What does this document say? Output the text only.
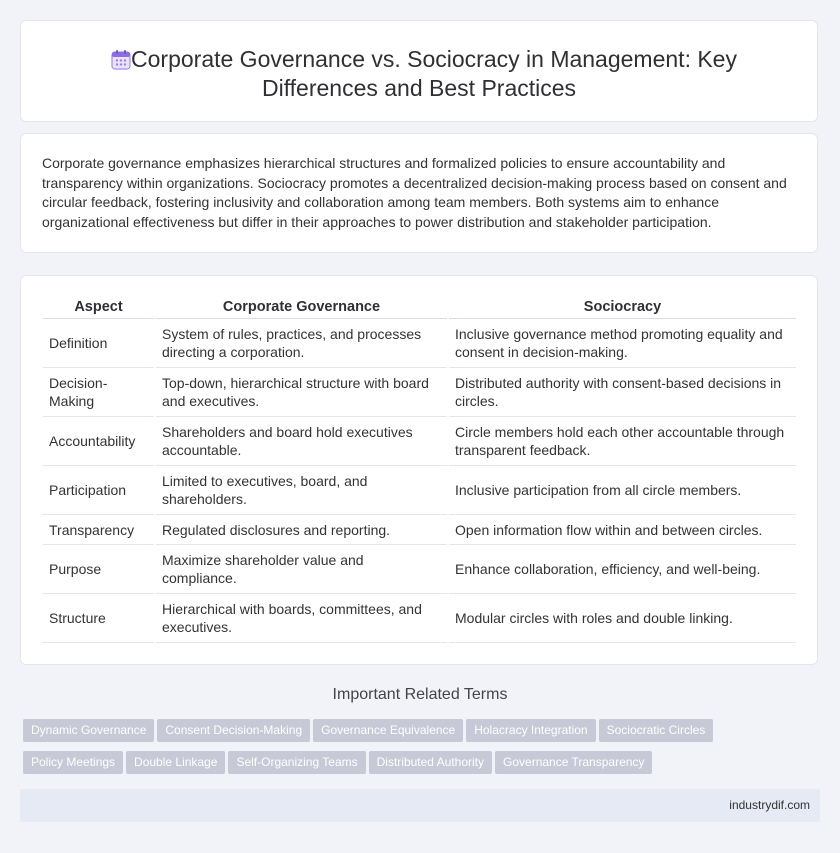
Corporate Governance vs. Sociocracy in Management: Key
Differences and Best Practices

Corporate governance emphasizes hierarchical structures and formalized policies to ensure accountability and transparency within organizations. Sociocracy promotes a decentralized decision-making process based on consent and circular feedback, fostering inclusivity and collaboration among team members. Both systems aim to enhance organizational effectiveness but differ in their approaches to power distribution and stakeholder participation.

Aspect	Corporate Governance	Sociocracy
Definition	System of rules, practices, and processes directing a corporation.	Inclusive governance method promoting equality and consent in decision-making.
Decision-Making	Top-down, hierarchical structure with board and executives.	Distributed authority with consent-based decisions in circles.
Accountability	Shareholders and board hold executives accountable.	Circle members hold each other accountable through transparent feedback.
Participation	Limited to executives, board, and shareholders.	Inclusive participation from all circle members.
Transparency	Regulated disclosures and reporting.	Open information flow within and between circles.
Purpose	Maximize shareholder value and compliance.	Enhance collaboration, efficiency, and well-being.
Structure	Hierarchical with boards, committees, and executives.	Modular circles with roles and double linking.
Important Related Terms
Dynamic Governance Consent Decision-Making Governance Equivalence Holacracy Integration Sociocratic Circles
Policy Meetings Double Linkage Self-Organizing Teams Distributed Authority Governance Transparency
industrydif.com
